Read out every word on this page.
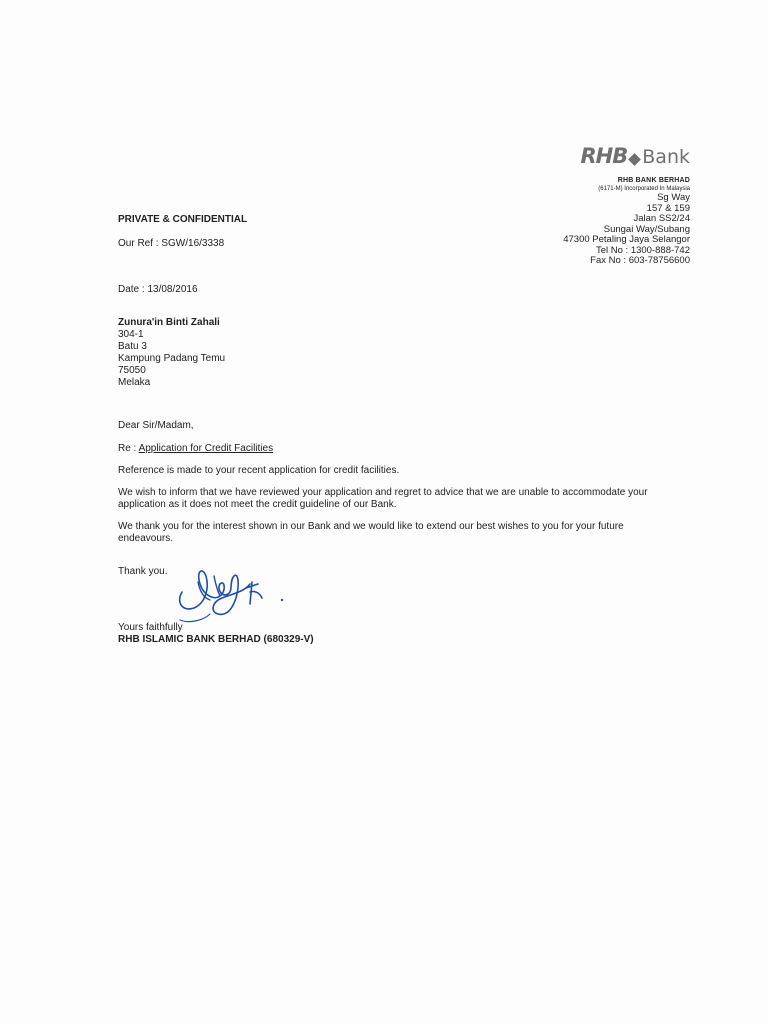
RHB Bank
RHB BANK BERHAD
(6171-M) Incorporated In Malaysia
Sg Way
157 & 159
Jalan SS2/24
Sungai Way/Subang
47300 Petaling Jaya Selangor
Tel No : 1300-888-742
Fax No : 603-78756600
PRIVATE & CONFIDENTIAL
Our Ref : SGW/16/3338
Date : 13/08/2016
Zunura'in Binti Zahali
304-1
Batu 3
Kampung Padang Temu
75050
Melaka
Dear Sir/Madam,
Re : Application for Credit Facilities
Reference is made to your recent application for credit facilities.
We wish to inform that we have reviewed your application and regret to advice that we are unable to accommodate your application as it does not meet the credit guideline of our Bank.
We thank you for the interest shown in our Bank and we would like to extend our best wishes to you for your future endeavours.
Thank you.
Yours faithfully
RHB ISLAMIC BANK BERHAD (680329-V)
